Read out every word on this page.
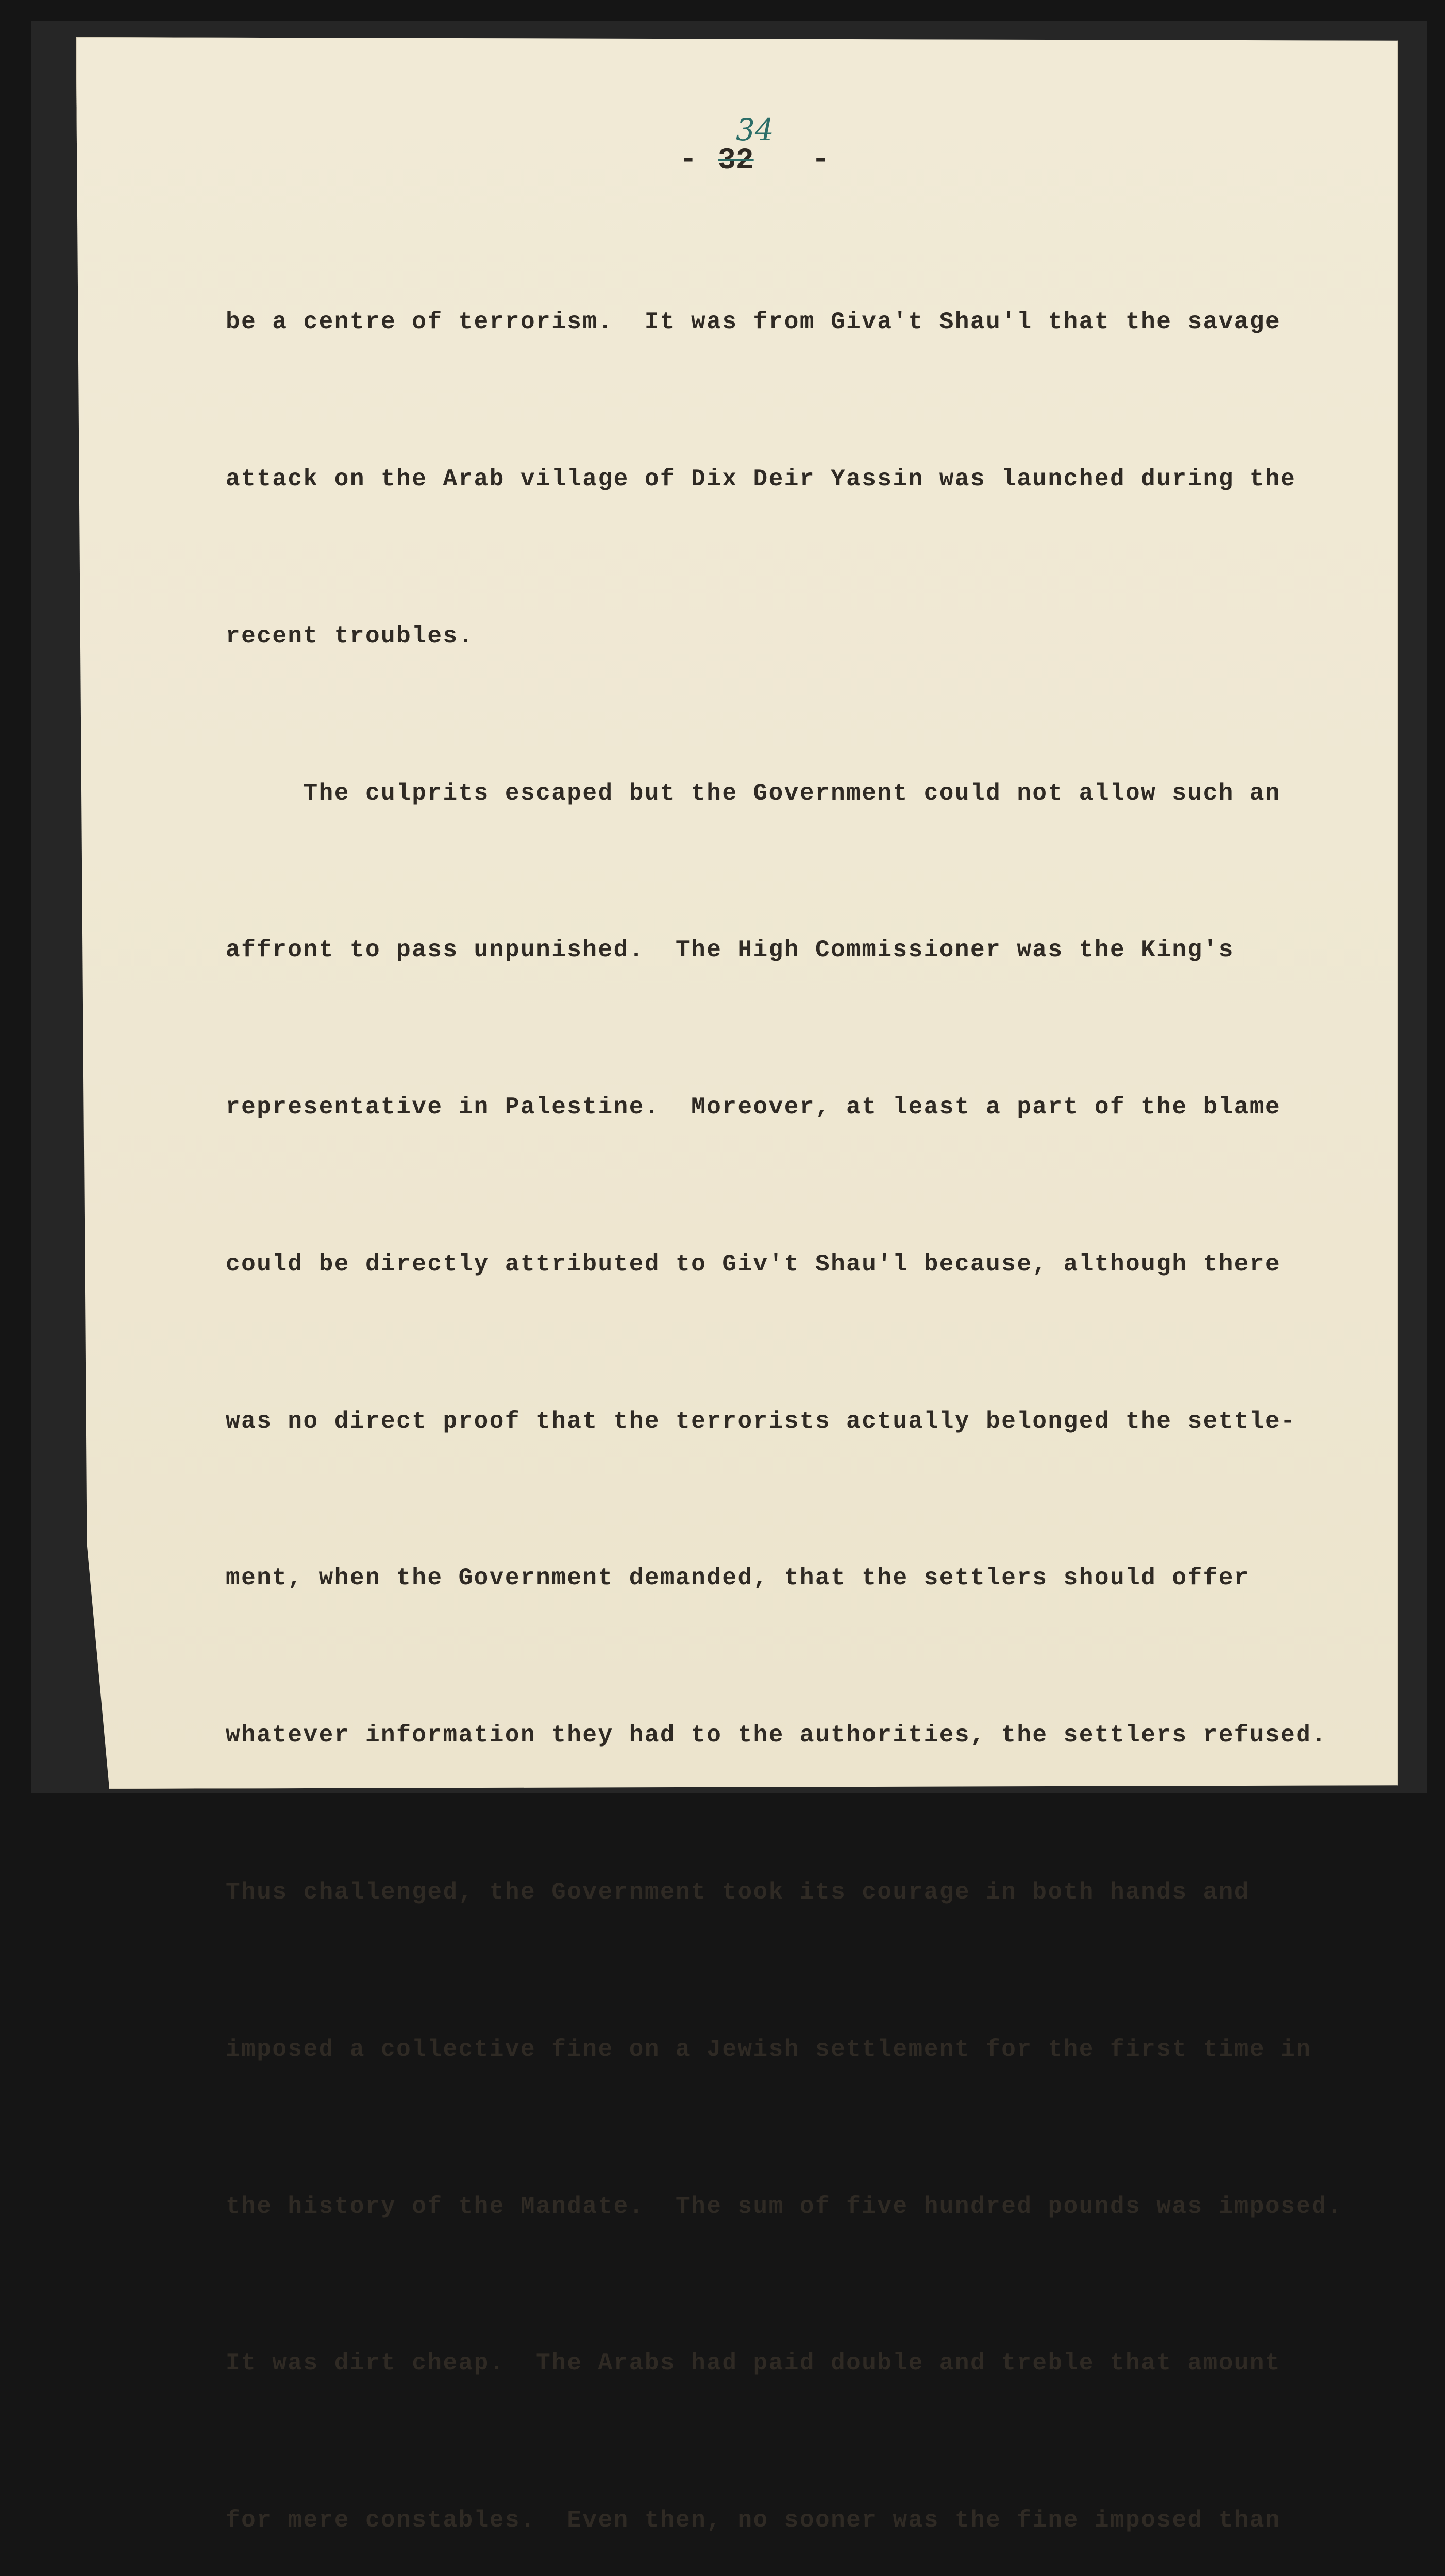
-
34
32 -

be a centre of terrorism.  It was from Giva't Shau'l that the savage

attack on the Arab village of Dix Deir Yassin was launched during the

recent troubles.

The culprits escaped but the Government could not allow such an

affront to pass unpunished.  The High Commissioner was the King's

representative in Palestine.  Moreover, at least a part of the blame

could be directly attributed to Giv't Shau'l because, although there

was no direct proof that the terrorists actually belonged the settle-

ment, when the Government demanded, that the settlers should offer

whatever information they had to the authorities, the settlers refused.

Thus challenged, the Government took its courage in both hands and

imposed a collective fine on a Jewish settlement for the first time in

the history of the Mandate.  The sum of five hundred pounds was imposed.

It was dirt cheap.  The Arabs had paid double and treble that amount

for mere constables.  Even then, no sooner was the fine imposed than
